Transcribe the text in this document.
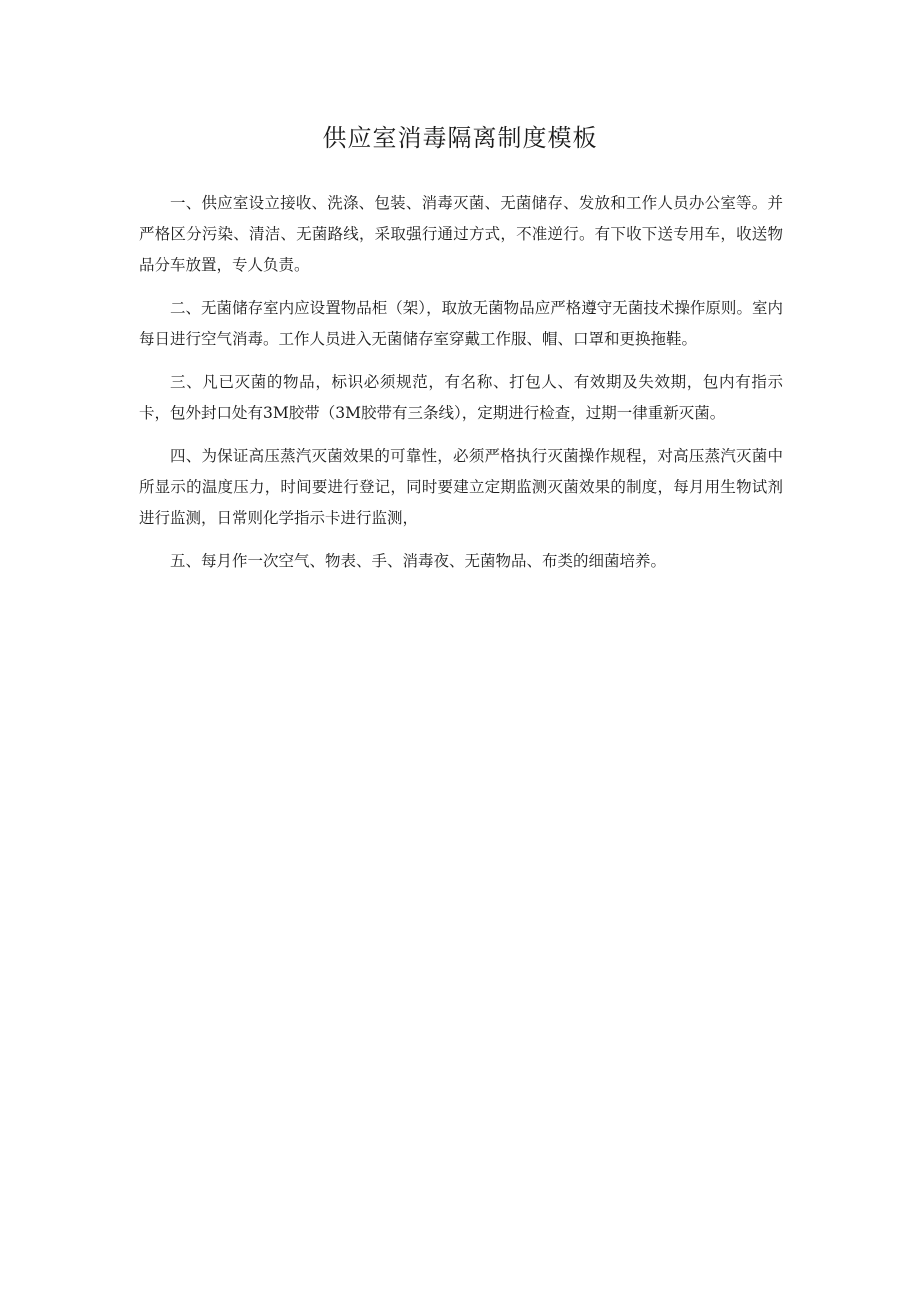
供应室消毒隔离制度模板

一、供应室设立接收、洗涤、包装、消毒灭菌、无菌储存、发放和工作人员办公室等。并严格区分污染、清洁、无菌路线，采取强行通过方式，不准逆行。有下收下送专用车，收送物品分车放置，专人负责。

二、无菌储存室内应设置物品柜（架），取放无菌物品应严格遵守无菌技术操作原则。室内每日进行空气消毒。工作人员进入无菌储存室穿戴工作服、帽、口罩和更换拖鞋。

三、凡已灭菌的物品，标识必须规范，有名称、打包人、有效期及失效期，包内有指示卡，包外封口处有3M胶带（3M胶带有三条线），定期进行检查，过期一律重新灭菌。

四、为保证高压蒸汽灭菌效果的可靠性，必须严格执行灭菌操作规程，对高压蒸汽灭菌中所显示的温度压力，时间要进行登记，同时要建立定期监测灭菌效果的制度，每月用生物试剂进行监测，日常则化学指示卡进行监测，

五、每月作一次空气、物表、手、消毒夜、无菌物品、布类的细菌培养。
